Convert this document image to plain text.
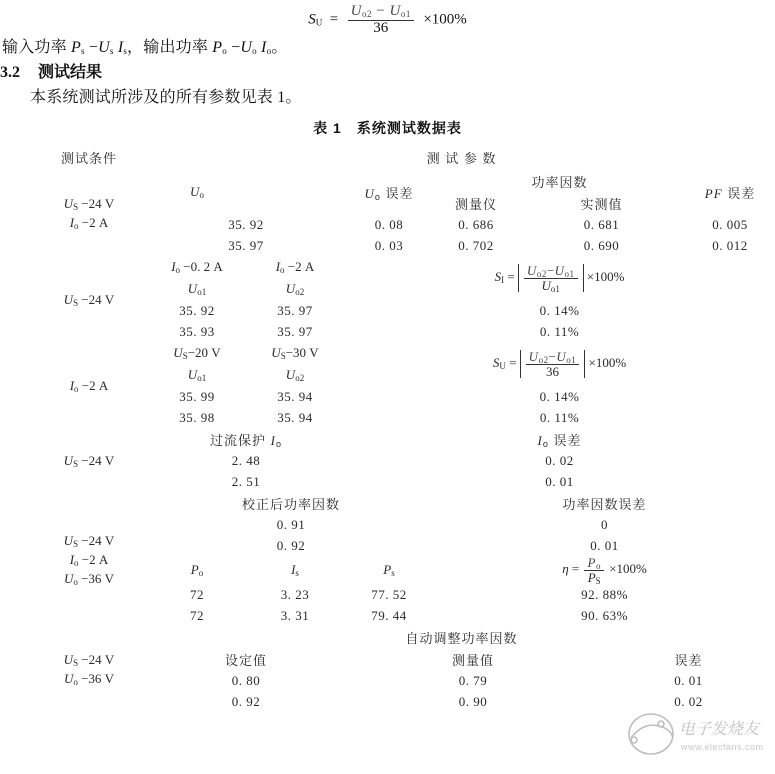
$S_U = \frac{U_{o2} - U_{o1}}{36} \times 100\%$
输入功率 $P_s -U_s$ $I_s$，输出功率 $P_o -U_o$ $I_o$。
3.2 测试结果
本系统测试所涉及的所有参数见表 1。
表 1　系统测试数据表
测试条件	测 试 参 数						

$U_S -24$ V
$I_o -2$ A	$U_o$		$U_o$ 误差	功率因数			PF 误差
				测量仪	实测值		
	35. 92		0. 08	0. 686	0. 681		0. 005
	35. 97		0. 03	0. 702	0. 690		0. 012

$U_S -24$ V	$I_o -0$. 2 A	$I_o -2$ A	$S_I = \frac{U_{o2}-U_{o1}}{U_{o1}} \times 100\%$				
	$U_{o1}$	$U_{o2}$
	35. 92	35. 97	0. 14%				
	35. 93	35. 97	0. 11%				

$I_o -2$ A	$U_S-20$ V	$U_S-30$ V	$S_U = \frac{U_{o2}-U_{o1}}{36} \times 100\%$				
	$U_{o1}$	$U_{o2}$
	35. 99	35. 94	0. 14%				
	35. 98	35. 94	0. 11%				

$U_S -24$ V	过流保护 $I_o$		$I_o$ 误差				
	2. 48		0. 02				
	2. 51		0. 01				

$U_S -24$ V
$I_o -2$ A
$U_o -36$ V	校正后功率因数			功率因数误差			
	0. 91			0			
	0. 92			0. 01			
	$P_o$	$I_s$	$P_s$	$\eta = \frac{P_o}{P_S} \times 100\%$			
	72	3. 23	77. 52	92. 88%			
	72	3. 31	79. 44	90. 63%			

$U_S -24$ V
$U_o -36$ V	自动调整功率因数						
	设定值		测量值			误差	
	0. 80		0. 79			0. 01	
	0. 92		0. 90			0. 02	
电子发烧友
www.elecfans.com
